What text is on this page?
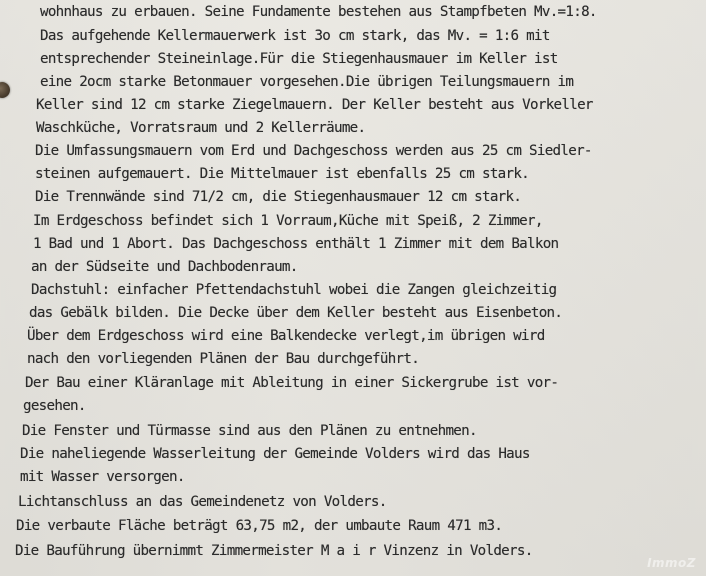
wohnhaus zu erbauen. Seine Fundamente bestehen aus Stampfbeten Mv.=1:8.
Das aufgehende Kellermauerwerk ist 3o cm stark, das Mv. = 1:6 mit
entsprechender Steineinlage.Für die Stiegenhausmauer im Keller ist
eine 2ocm starke Betonmauer vorgesehen.Die übrigen Teilungsmauern im
Keller sind 12 cm starke Ziegelmauern. Der Keller besteht aus Vorkeller
Waschküche, Vorratsraum und 2 Kellerräume.
Die Umfassungsmauern vom Erd und Dachgeschoss werden aus 25 cm Siedler-
steinen aufgemauert. Die Mittelmauer ist ebenfalls 25 cm stark.
Die Trennwände sind 71/2 cm, die Stiegenhausmauer 12 cm stark.
Im Erdgeschoss befindet sich 1 Vorraum,Küche mit Speiß, 2 Zimmer,
1 Bad und 1 Abort. Das Dachgeschoss enthält 1 Zimmer mit dem Balkon
an der Südseite und Dachbodenraum.
Dachstuhl: einfacher Pfettendachstuhl wobei die Zangen gleichzeitig
das Gebälk bilden. Die Decke über dem Keller besteht aus Eisenbeton.
Über dem Erdgeschoss wird eine Balkendecke verlegt,im übrigen wird
nach den vorliegenden Plänen der Bau durchgeführt.
Der Bau einer Kläranlage mit Ableitung in einer Sickergrube ist vor-
gesehen.
Die Fenster und Türmasse sind aus den Plänen zu entnehmen.
Die naheliegende Wasserleitung der Gemeinde Volders wird das Haus
mit Wasser versorgen.
Lichtanschluss an das Gemeindenetz von Volders.
Die verbaute Fläche beträgt 63,75 m2, der umbaute Raum 471 m3.
Die Bauführung übernimmt Zimmermeister M a i r Vinzenz in Volders.
ImmoZ
